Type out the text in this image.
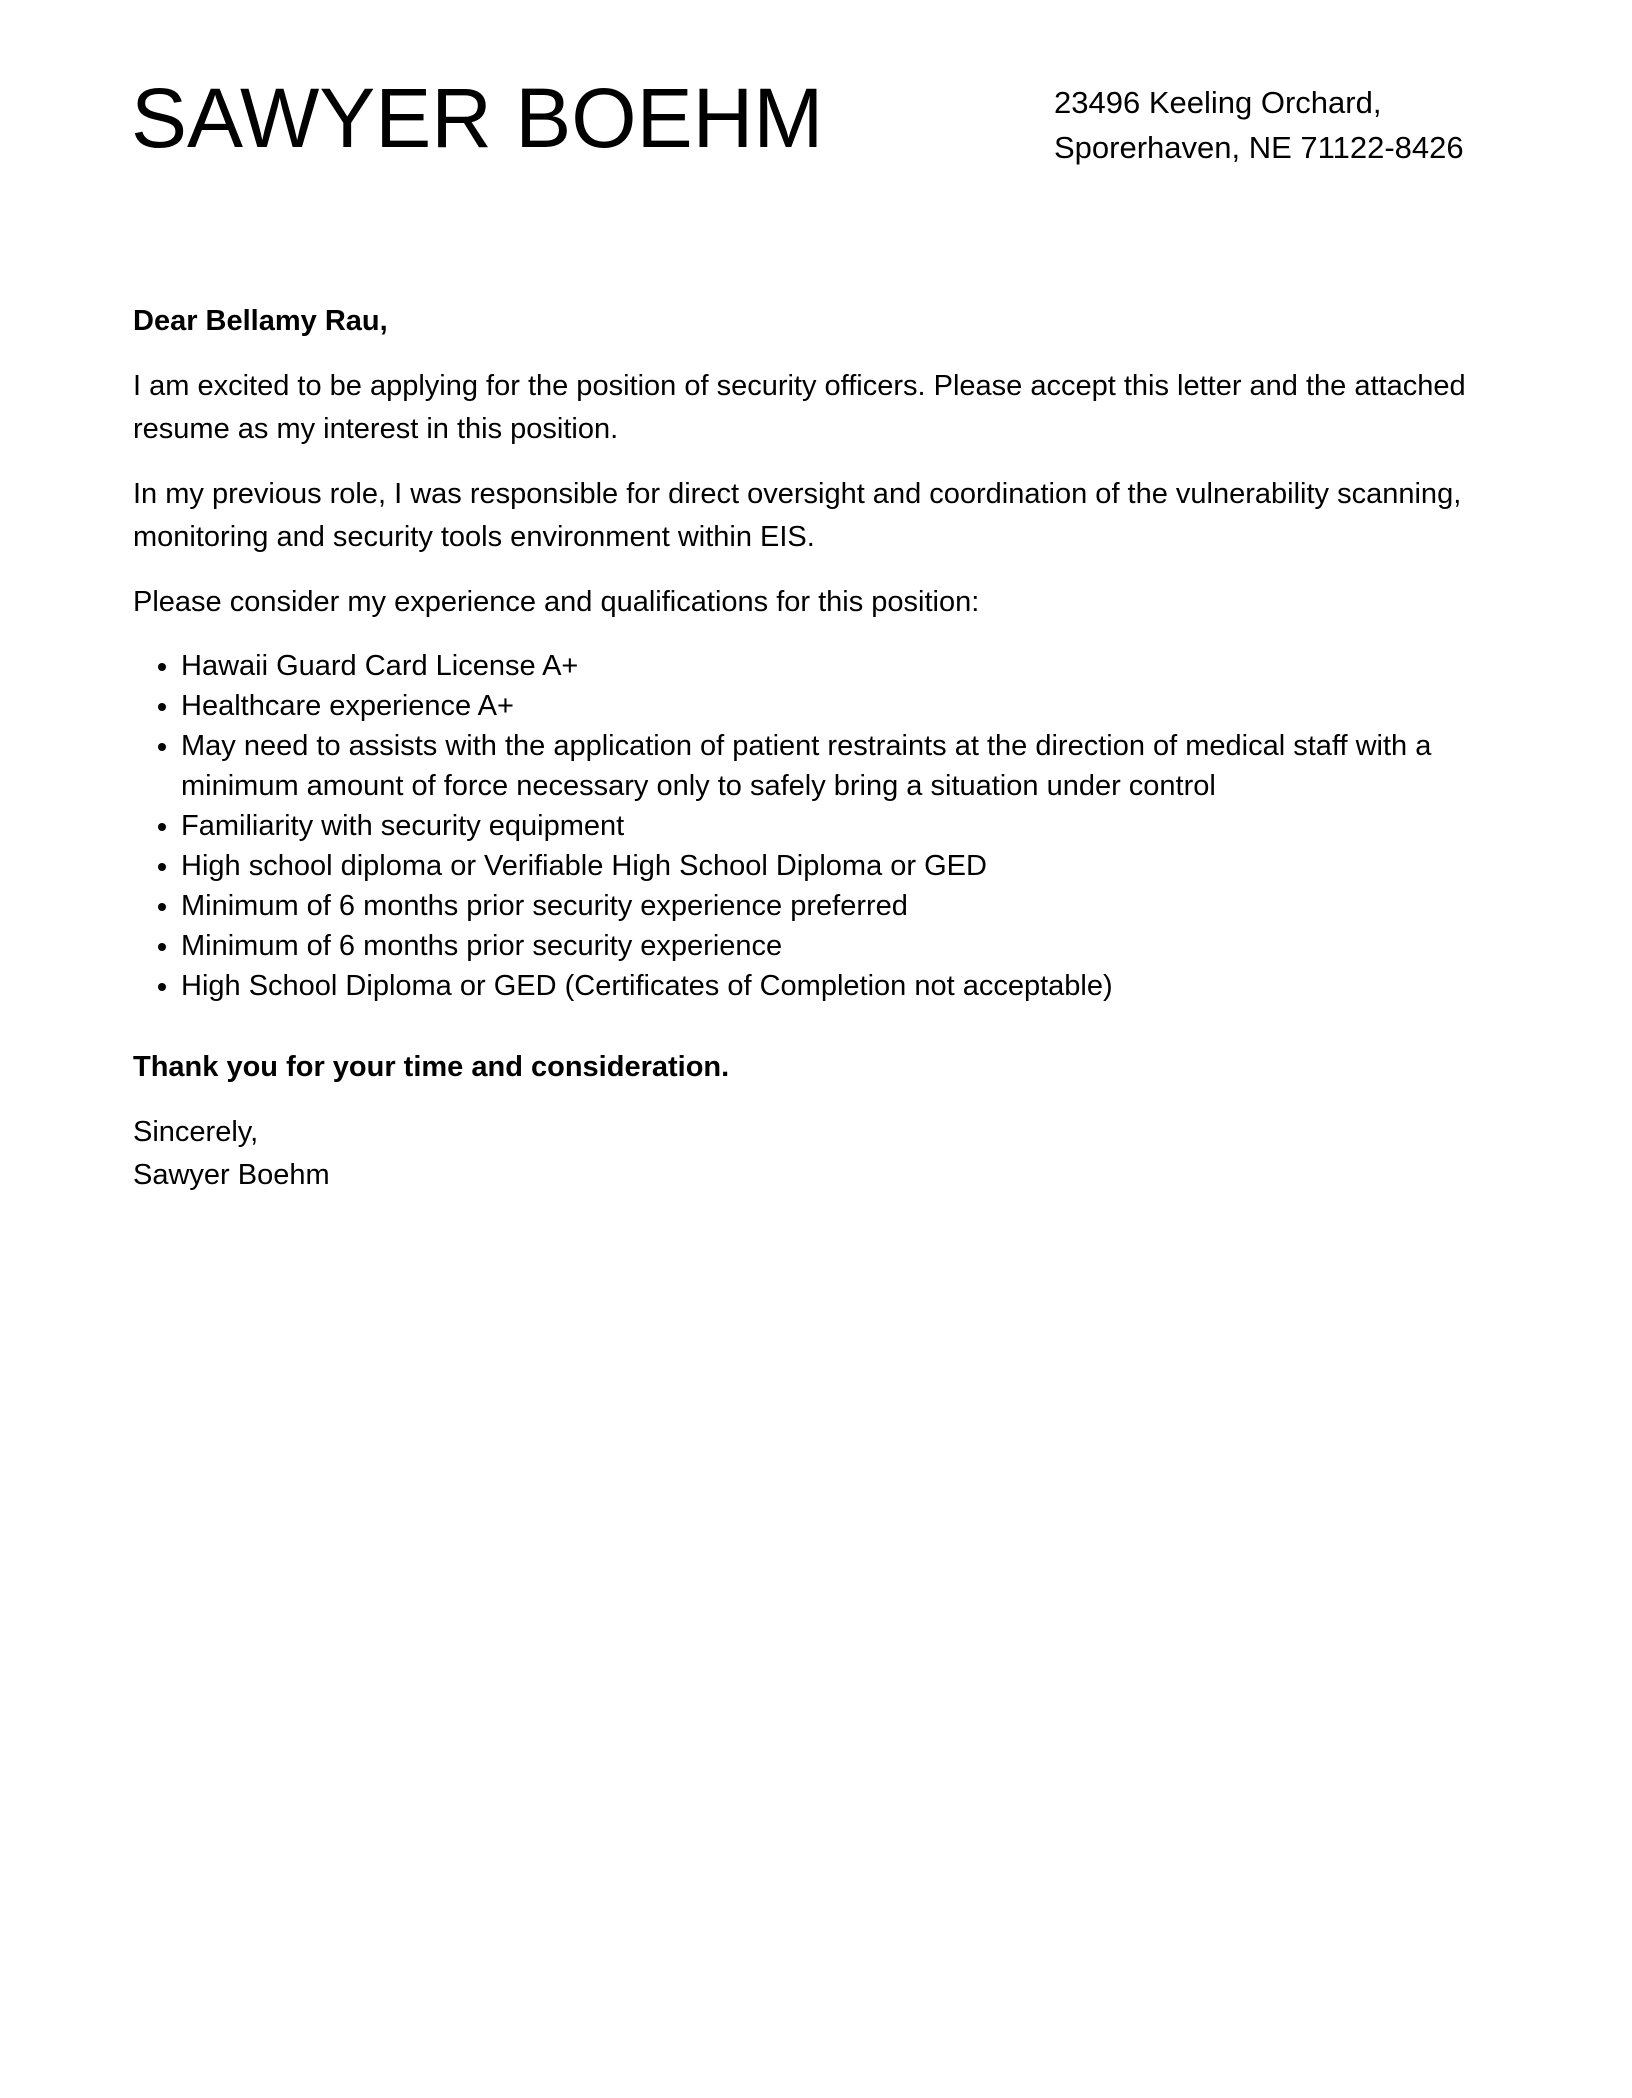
SAWYER BOEHM	23496 Keeling Orchard,
Sporerhaven, NE 71122-8426

Dear Bellamy Rau,

I am excited to be applying for the position of security officers. Please accept this letter and the attached resume as my interest in this position.

In my previous role, I was responsible for direct oversight and coordination of the vulnerability scanning, monitoring and security tools environment within EIS.

Please consider my experience and qualifications for this position:

• Hawaii Guard Card License A+
• Healthcare experience A+
• May need to assists with the application of patient restraints at the direction of medical staff with a minimum amount of force necessary only to safely bring a situation under control
• Familiarity with security equipment
• High school diploma or Verifiable High School Diploma or GED
• Minimum of 6 months prior security experience preferred
• Minimum of 6 months prior security experience
• High School Diploma or GED (Certificates of Completion not acceptable)

Thank you for your time and consideration.

Sincerely,
Sawyer Boehm
